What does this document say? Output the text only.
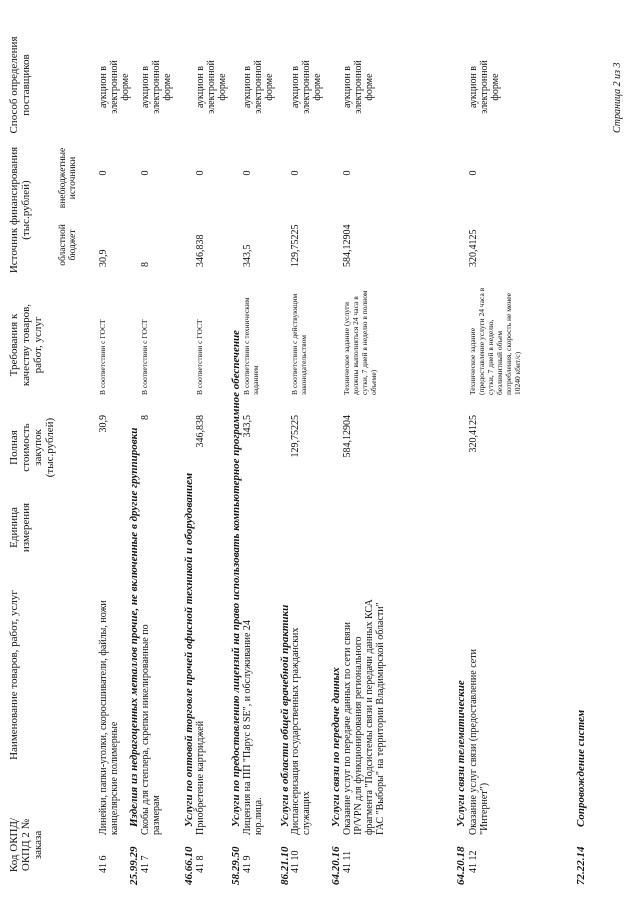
Код ОКПД/ ОКПД 2 № заказа
Наименование товаров, работ, услуг
Единица измерения
Полная стоимость закупок (тыс.рублей)
Требования к качеству товаров, работ, услуг
Источник финансирования (тыс.рублей)
областной бюджет
внебюджетные источники
Способ определения поставщиков
41 6
Линейки, папки-уголки, скоросшиватели, файлы, ножи канцелярские полимерные
30,9
В соответствии с ГОСТ
30,9
0
аукцион в электронной форме
25.99.29
Изделия из недрагоценных металлов прочие, не включенные в другие группировки
41 7
Скобы для степлера, скрепки никелированные по размерам
8
В соответствии с ГОСТ
8
0
аукцион в электронной форме
46.66.10
Услуги по оптовой торговле прочей офисной техникой и оборудованием
41 8
Приобретение картриджей
346,838
В соответствии с ГОСТ
346,838
0
аукцион в электронной форме
58.29.50
Услуги по предоставлению лицензий на право использовать компьютерное программное обеспечение
41 9
Лицензия на ПП "Парус 8 SE", и обслуживание 24 юр.лица.
343,5
В соответствии с техническим заданием
343,5
0
аукцион в электронной форме
86.21.10
Услуги в области общей врачебной практики
41 10
Диспансеризация государственных гражданских служащих
129,75225
В соответствии с действующим законодательством
129,75225
0
аукцион в электронной форме
64.20.16
Услуги связи по передаче данных
41 11
Оказание услуг по передаче данных по сети связи IP/VPN для функционирования регионального фрагмента "Подсистемы связи и передачи данных КСА ГАС "Выборы" на территории Владимирской области"
584,12904
Техническое задание (услуги должны выполняться 24 часа в сутки, 7 дней в неделю в полном объеме)
584,12904
0
аукцион в электронной форме
64.20.18
Услуги связи телематические
41 12
Оказание услуг связи (предоставление сети "Интернет")
320,4125
Техническое задание (предоставление услуги 24 часа в сутки, 7 дней в неделю, безлимитный объем потребления, скорость не менее 10240 кбит/с)
320,4125
0
аукцион в электронной форме
72.22.14
Сопровождение систем
Страница 2 из 3
